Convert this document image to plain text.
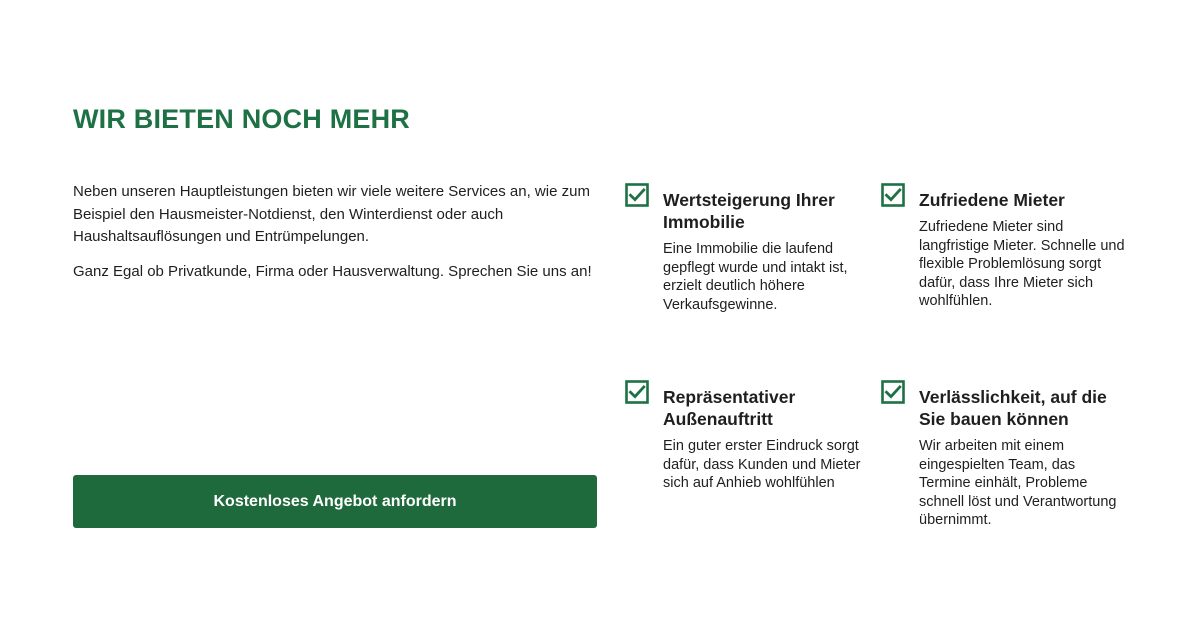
WIR BIETEN NOCH MEHR

Neben unseren Hauptleistungen bieten wir viele weitere Services an, wie zum Beispiel den Hausmeister-Notdienst, den Winterdienst oder auch Haushaltsauflösungen und Entrümpelungen.

Ganz Egal ob Privatkunde, Firma oder Hausverwaltung. Sprechen Sie uns an!

Kostenloses Angebot anfordern
Wertsteigerung Ihrer Immobilie

Eine Immobilie die laufend gepflegt wurde und intakt ist, erzielt deutlich höhere Verkaufsgewinne.

Zufriedene Mieter

Zufriedene Mieter sind langfristige Mieter. Schnelle und flexible Problemlösung sorgt dafür, dass Ihre Mieter sich wohlfühlen.

Repräsentativer Außenauftritt

Ein guter erster Eindruck sorgt dafür, dass Kunden und Mieter sich auf Anhieb wohlfühlen

Verlässlichkeit, auf die Sie bauen können

Wir arbeiten mit einem eingespielten Team, das Termine einhält, Probleme schnell löst und Verantwortung übernimmt.
